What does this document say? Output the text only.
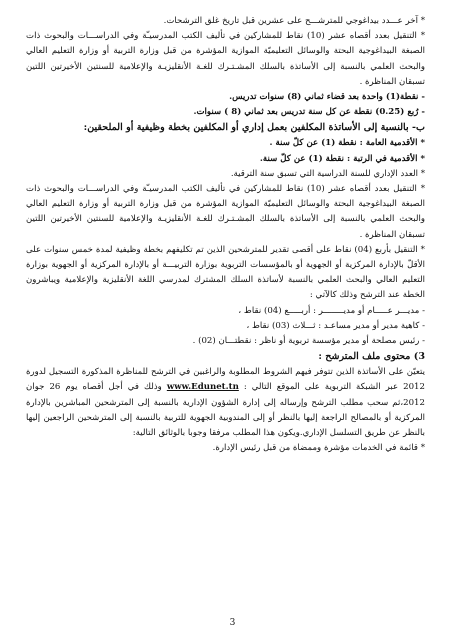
* آخر عـــدد بيداغوجي للمترشـــح على عشرين قبل تاريخ غلق الترشحات.

* التنقيل بعدد أقصاه عشر (10) نقاط للمشاركين في تأليف الكتب المدرسيـّة وفي الدراســـات والبحوث ذات الصبغة البيداغوجية البحتة والوسائل التعليميّة الموازية المؤشرة من قبل وزارة التربية أو وزارة التعليم العالي والبحث العلمي بالنسبة إلى الأساتذة بالسلك المشـتـرك للغـة الأنقليزيـة والإعلامية للسنتين الأخيرتين اللتين تسبقان المناظرة .

- نقطة(1) واحدة بعد قضاء ثماني (8) سنوات تدريس.

- رُبع (0.25) نقطة عن كل سنة تدريس بعد ثماني (8 ) سنوات.

ب- بالنسبة إلى الأساتذة المكلفين بعمل إداري أو المكلفين بخطة وظيفية أو الملحقين:

* الأقدمية العامة : نقطة (1) عن كلّ سنة .

* الأقدمية في الرتبة : نقطة (1) عن كلّ سنة.

* العدد الإداري للسنة الدراسية التي تسبق سنة الترقية.

* التنقيل بعدد أقصاه عشر (10) نقاط للمشاركين في تأليف الكتب المدرسيـّة وفي الدراســـات والبحوث ذات الصبغة البيداغوجية البحتة والوسائل التعليميّة الموازية المؤشرة من قبل وزارة التربية أو وزارة التعليم العالي والبحث العلمي بالنسبة إلى الأساتذة بالسلك المشـتـرك للغـة الأنقليزيـة والإعلامية للسنتين الأخيرتين اللتين تسبقان المناظرة .

* التنقيل بأربع (04) نقاط على أقصى تقدير للمترشحين الذين تم تكليفهم بخطة وظيفية لمدة خمس سنوات على الأقلّ بالإدارة المركزية أو الجهوية أو بالمؤسسات التربوية بوزارة التربيـــة أو بالإدارة المركزية أو الجهوية بوزارة التعليم العالي والبحث العلمي بالنسبة لأساتذة السلك المشترك لمدرسي اللغة الأنقليزية والإعلامية ويباشرون الخطة عند الترشح وذلك كالآتي :

- مديـــر عـــــام أو مديــــــــر : أربـــــع (04) نقاط ،

- كاهية مدير أو مدير مساعـد : ثـــلاث (03) نقاط ،

- رئيس مصلحة أو مدير مؤسسة تربوية أو ناظر : نقطتـــان (02) .

3) محتوى ملف المترشح :

يتعيّن على الأساتذة الذين تتوفر فيهم الشروط المطلوبة والراغبين في الترشح للمناظرة المذكورة التسجيل لدورة 2012 عبر الشبكة التربوية على الموقع التالي : www.Edunet.tn وذلك في أجل أقصاه يوم 26 جوان 2012،ثم سحب مطلب الترشح وإرساله إلى إدارة الشؤون الإدارية بالنسبة إلى المترشحين المباشرين بالإدارة المركزية أو بالمصالح الراجعة إليها بالنظر أو إلى المندوبية الجهوية للتربية بالنسبة إلى المترشحين الراجعين إليها بالنظر عن طريق التسلسل الإداري.ويكون هذا المطلب مرفقا وجوبا بالوثائق التالية:

* قائمة في الخدمات مؤشرة وممضاة من قبل رئيس الإدارة.

3
